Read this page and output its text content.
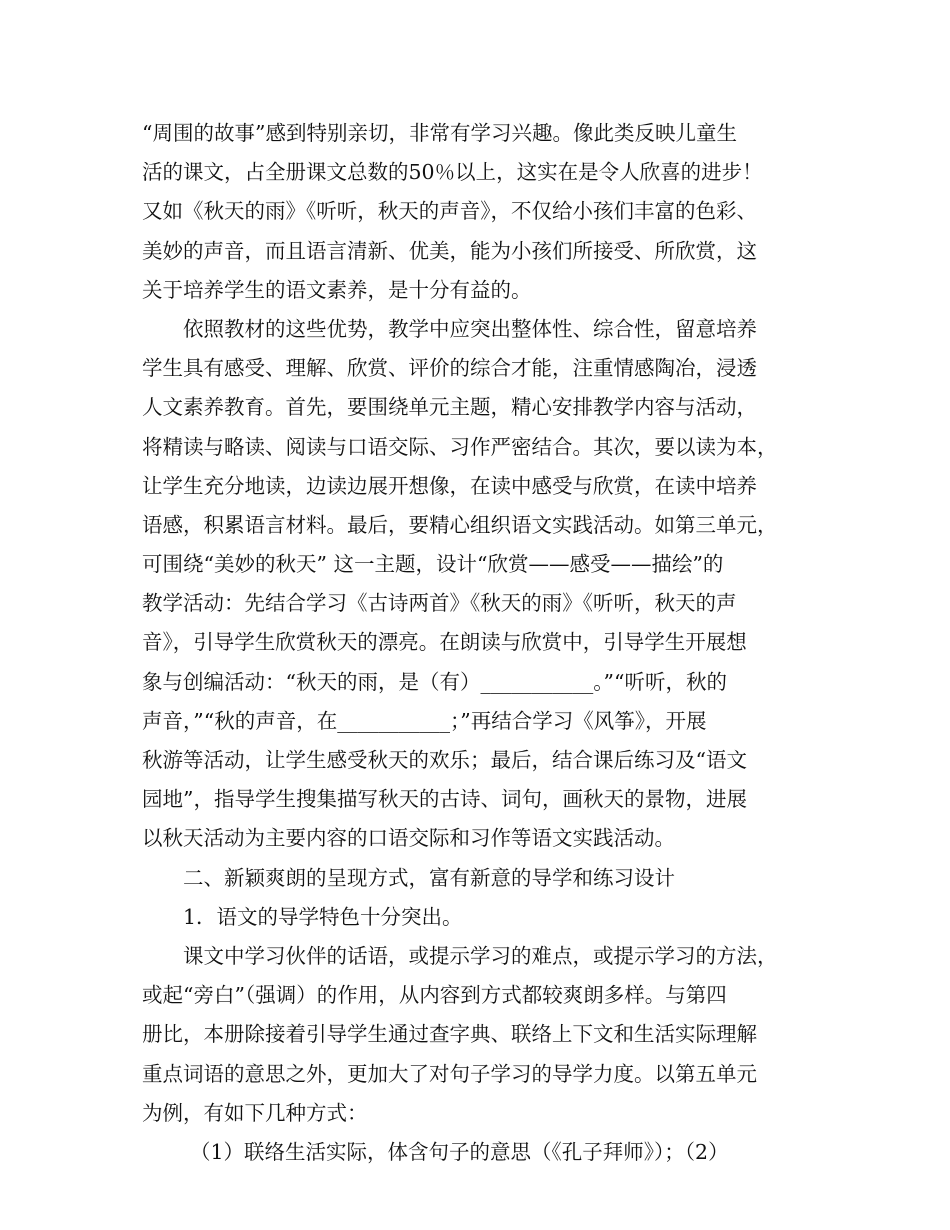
“周围的故事”感到特别亲切，非常有学习兴趣。像此类反映儿童生
活的课文，占全册课文总数的50％以上，这实在是令人欣喜的进步！
又如《秋天的雨》《听听，秋天的声音》，不仅给小孩们丰富的色彩、
美妙的声音，而且语言清新、优美，能为小孩们所接受、所欣赏，这
关于培养学生的语文素养，是十分有益的。
依照教材的这些优势，教学中应突出整体性、综合性，留意培养
学生具有感受、理解、欣赏、评价的综合才能，注重情感陶冶，浸透
人文素养教育。首先，要围绕单元主题，精心安排教学内容与活动，
将精读与略读、阅读与口语交际、习作严密结合。其次，要以读为本，
让学生充分地读，边读边展开想像，在读中感受与欣赏，在读中培养
语感，积累语言材料。最后，要精心组织语文实践活动。如第三单元，
可围绕“美妙的秋天” 这一主题，设计“欣赏——感受——描绘”的
教学活动：先结合学习《古诗两首》《秋天的雨》《听听，秋天的声
音》，引导学生欣赏秋天的漂亮。在朗读与欣赏中，引导学生开展想
象与创编活动：“秋天的雨，是（有）___________。”“听听，秋的
声音，”“秋的声音，在___________；”再结合学习《风筝》，开展
秋游等活动，让学生感受秋天的欢乐；最后，结合课后练习及“语文
园地”，指导学生搜集描写秋天的古诗、词句，画秋天的景物，进展
以秋天活动为主要内容的口语交际和习作等语文实践活动。
二、新颖爽朗的呈现方式，富有新意的导学和练习设计
1．语文的导学特色十分突出。
课文中学习伙伴的话语，或提示学习的难点，或提示学习的方法，
或起“旁白”（强调）的作用，从内容到方式都较爽朗多样。与第四
册比，本册除接着引导学生通过查字典、联络上下文和生活实际理解
重点词语的意思之外，更加大了对句子学习的导学力度。以第五单元
为例，有如下几种方式：
（1）联络生活实际，体含句子的意思（《孔子拜师》）；（2）
